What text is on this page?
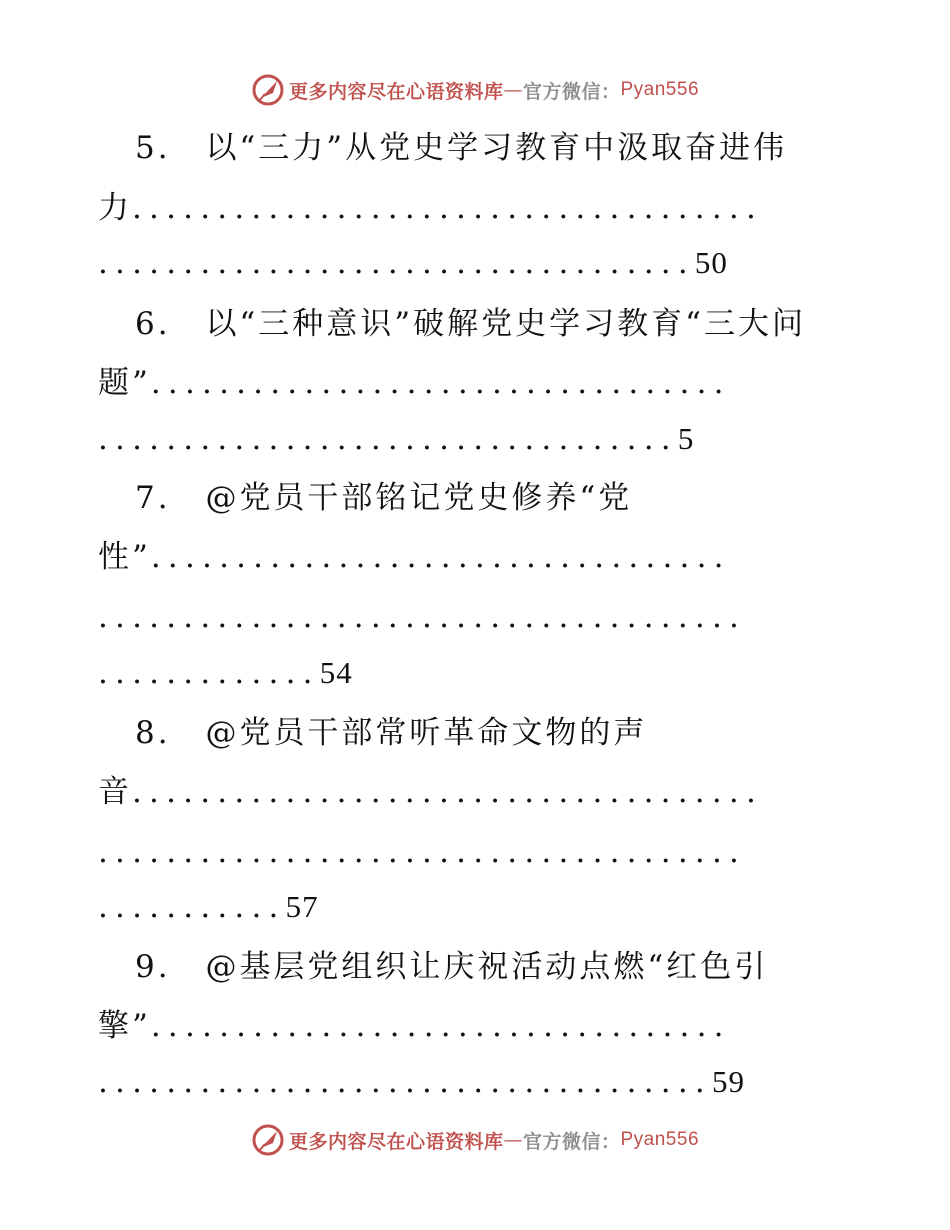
更多内容尽在心语资料库 — 官方微信： Pyan556
5. 以“三力”从党史学习教育中汲取奋进伟
力.....................................
...................................50
6. 以“三种意识”破解党史学习教育“三大问
题”..................................
..................................5
7. @党员干部铭记党史修养“党
性”..................................
......................................
.............54
8. @党员干部常听革命文物的声
音.....................................
......................................
...........57
9. @基层党组织让庆祝活动点燃“红色引
擎”..................................
....................................59
更多内容尽在心语资料库 — 官方微信： Pyan556
